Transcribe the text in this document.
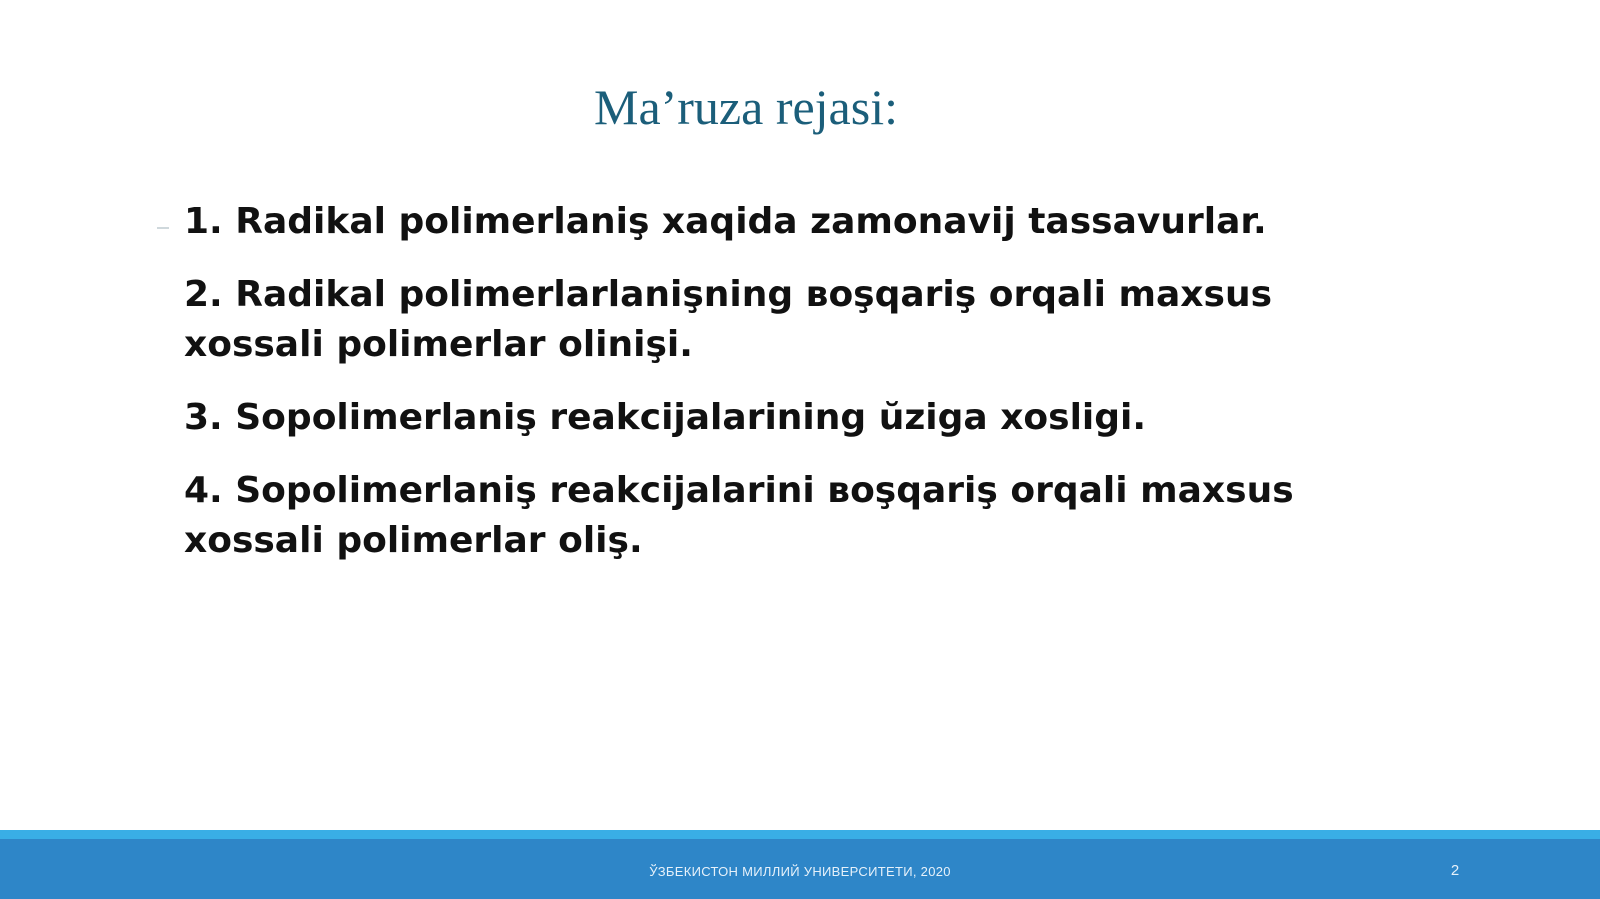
Ma’ruza rejasi:
1. Radikal polimerlaniş xaqida zamonavij tassavurlar.
2. Radikal polimerlarlanişning вoşqariş orqali maxsus xossali polimerlar olinişi.
3. Sopolimerlaniş reakcijalarining ŭziga xosligi.
4. Sopolimerlaniş reakcijalarini вoşqariş orqali maxsus xossali polimerlar oliş.
ЎЗБЕКИСТОН МИЛЛИЙ УНИВЕРСИТЕТИ, 2020	2
